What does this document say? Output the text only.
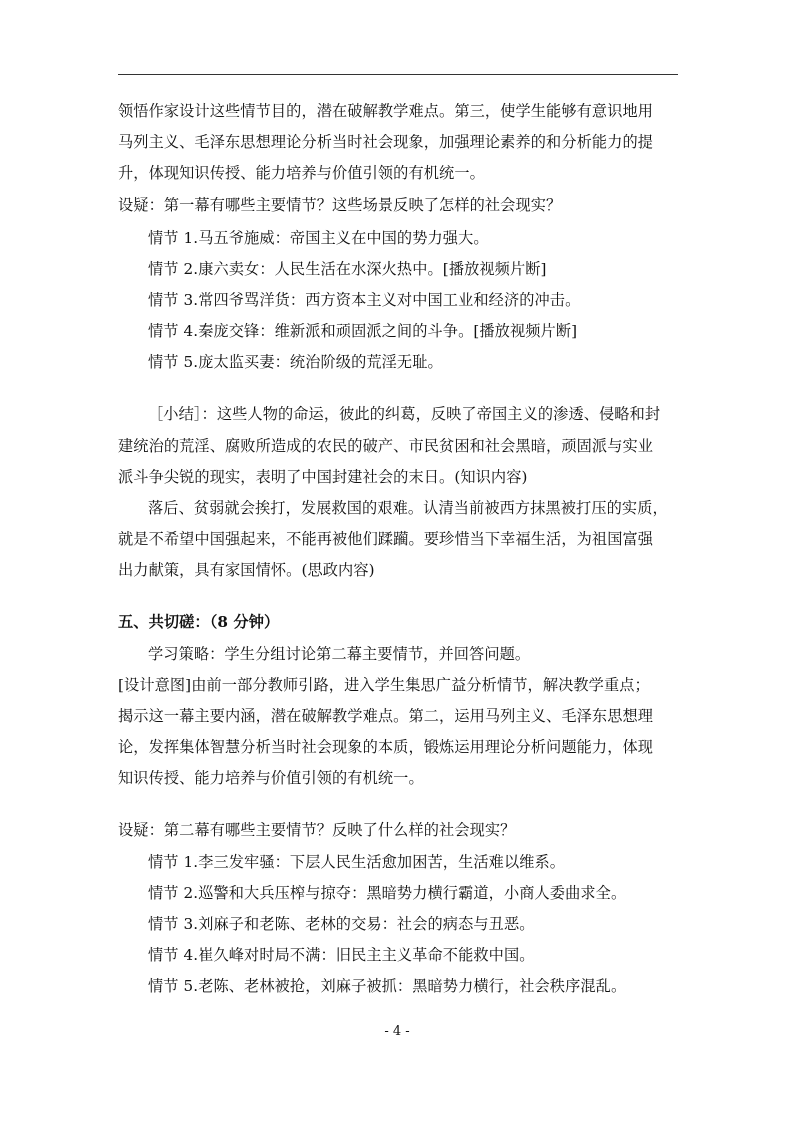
领悟作家设计这些情节目的，潜在破解教学难点。第三，使学生能够有意识地用
马列主义、毛泽东思想理论分析当时社会现象，加强理论素养的和分析能力的提
升，体现知识传授、能力培养与价值引领的有机统一。
设疑：第一幕有哪些主要情节？这些场景反映了怎样的社会现实？
情节 1.马五爷施威：帝国主义在中国的势力强大。
情节 2.康六卖女：人民生活在水深火热中。[播放视频片断]
情节 3.常四爷骂洋货：西方资本主义对中国工业和经济的冲击。
情节 4.秦庞交锋：维新派和顽固派之间的斗争。[播放视频片断]
情节 5.庞太监买妻：统治阶级的荒淫无耻。
［小结］：这些人物的命运，彼此的纠葛，反映了帝国主义的渗透、侵略和封
建统治的荒淫、腐败所造成的农民的破产、市民贫困和社会黑暗，顽固派与实业
派斗争尖锐的现实，表明了中国封建社会的末日。(知识内容)
落后、贫弱就会挨打，发展救国的艰难。认清当前被西方抹黑被打压的实质，
就是不希望中国强起来，不能再被他们蹂躏。要珍惜当下幸福生活，为祖国富强
出力献策，具有家国情怀。(思政内容)
五、共切磋：（8 分钟）
学习策略：学生分组讨论第二幕主要情节，并回答问题。
[设计意图]由前一部分教师引路，进入学生集思广益分析情节，解决教学重点；
揭示这一幕主要内涵，潜在破解教学难点。第二，运用马列主义、毛泽东思想理
论，发挥集体智慧分析当时社会现象的本质，锻炼运用理论分析问题能力，体现
知识传授、能力培养与价值引领的有机统一。
设疑：第二幕有哪些主要情节？反映了什么样的社会现实？
情节 1.李三发牢骚：下层人民生活愈加困苦，生活难以维系。
情节 2.巡警和大兵压榨与掠夺：黑暗势力横行霸道，小商人委曲求全。
情节 3.刘麻子和老陈、老林的交易：社会的病态与丑恶。
情节 4.崔久峰对时局不满：旧民主主义革命不能救中国。
情节 5.老陈、老林被抢，刘麻子被抓：黑暗势力横行，社会秩序混乱。
- 4 -
